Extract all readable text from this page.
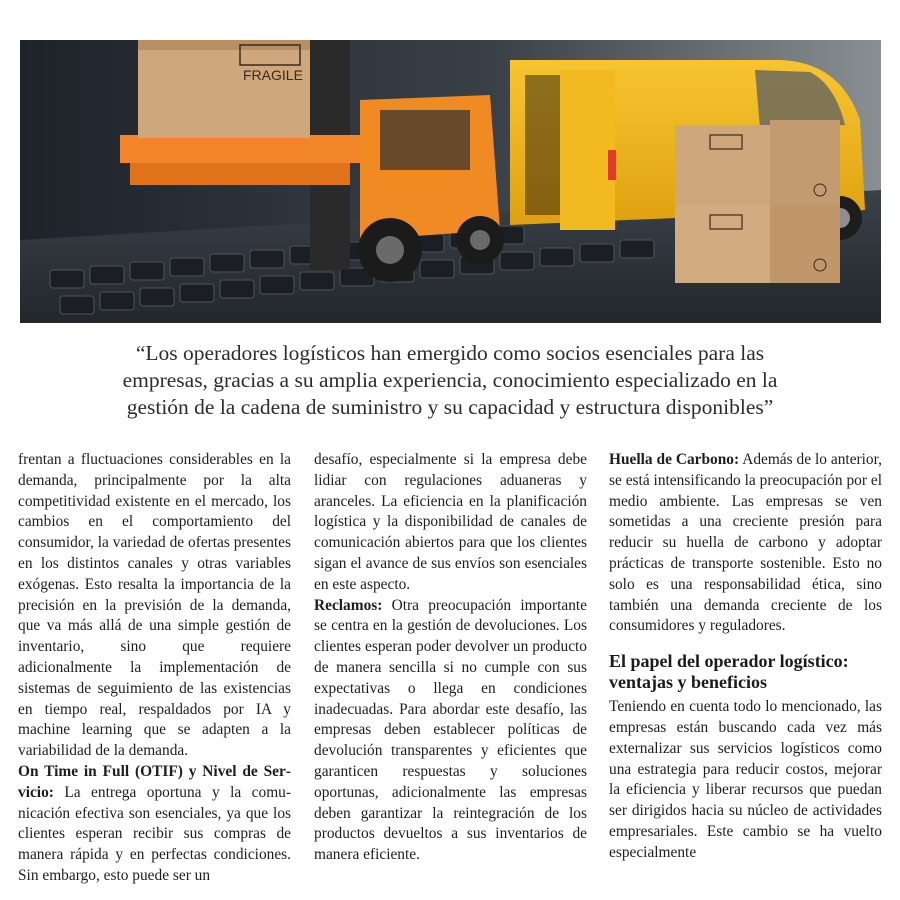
FRAGILE
“Los operadores logísticos han emergido como socios esenciales para las
empresas, gracias a su amplia experiencia, conocimiento especializado en la
gestión de la cadena de suministro y su capacidad y estructura disponibles”

frentan a fluctuaciones considerables en la demanda, principalmente por la alta competitividad existente en el mercado, los cambios en el comportamiento del consumidor, la variedad de ofertas presentes en los distintos canales y otras variables exógenas. Esto resalta la importancia de la precisión en la previsión de la demanda, que va más allá de una simple gestión de inventario, sino que requiere adicionalmente la implementación de sistemas de seguimiento de las existencias en tiempo real, respaldados por IA y machine learning que se adapten a la variabilidad de la demanda.

On Time in Full (OTIF) y Nivel de Servicio: La entrega oportuna y la comunicación efectiva son esenciales, ya que los clientes esperan recibir sus compras de manera rápida y en perfectas condiciones. Sin embargo, esto puede ser un

desafío, especialmente si la empresa debe lidiar con regulaciones aduaneras y aranceles. La eficiencia en la planificación logística y la disponibilidad de canales de comunicación abiertos para que los clientes sigan el avance de sus envíos son esenciales en este aspecto.

Reclamos: Otra preocupación importante se centra en la gestión de devoluciones. Los clientes esperan poder devolver un producto de manera sencilla si no cumple con sus expectativas o llega en condiciones inadecuadas. Para abordar este desafío, las empresas deben establecer políticas de devolución transparentes y eficientes que garanticen respuestas y soluciones oportunas, adicionalmente las empresas deben garantizar la reintegración de los productos devueltos a sus inventarios de manera eficiente.

Huella de Carbono: Además de lo anterior, se está intensificando la preocupación por el medio ambiente. Las empresas se ven sometidas a una creciente presión para reducir su huella de carbono y adoptar prácticas de transporte sostenible. Esto no solo es una responsabilidad ética, sino también una demanda creciente de los consumidores y reguladores.

El papel del operador logístico: ventajas y beneficios

Teniendo en cuenta todo lo mencionado, las empresas están buscando cada vez más externalizar sus servicios logísticos como una estrategia para reducir costos, mejorar la eficiencia y liberar recursos que puedan ser dirigidos hacia su núcleo de actividades empresariales. Este cambio se ha vuelto especialmente
